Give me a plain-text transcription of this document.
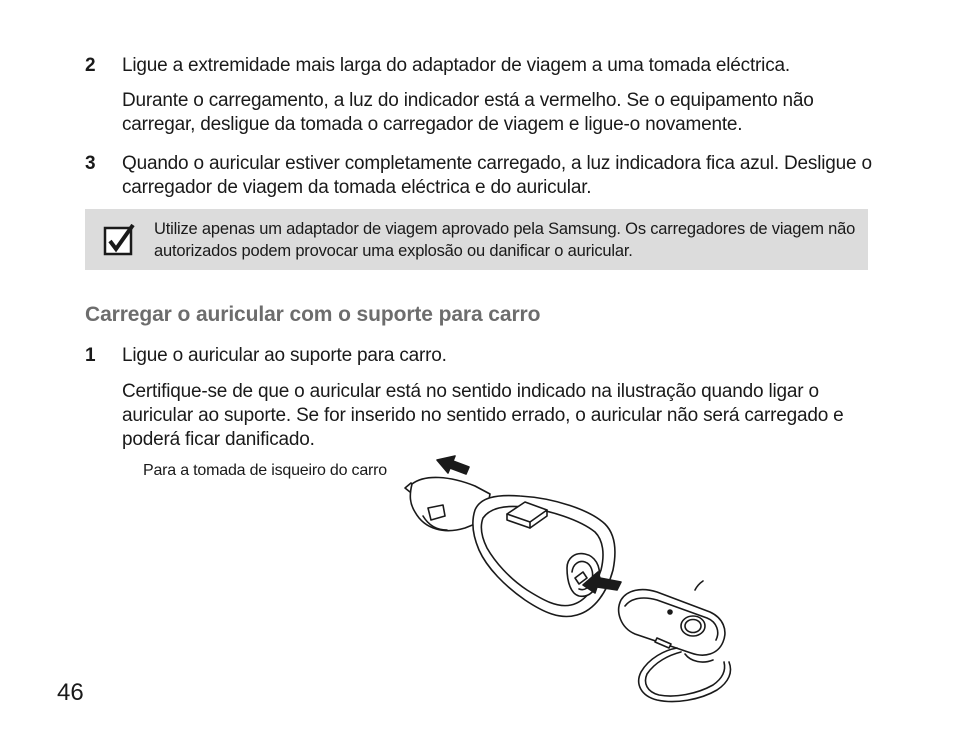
2 Ligue a extremidade mais larga do adaptador de viagem a uma tomada eléctrica.
Durante o carregamento, a luz do indicador está a vermelho. Se o equipamento não carregar, desligue da tomada o carregador de viagem e ligue-o novamente.
3 Quando o auricular estiver completamente carregado, a luz indicadora fica azul. Desligue o carregador de viagem da tomada eléctrica e do auricular.
Utilize apenas um adaptador de viagem aprovado pela Samsung. Os carregadores de viagem não autorizados podem provocar uma explosão ou danificar o auricular.
Carregar o auricular com o suporte para carro
1 Ligue o auricular ao suporte para carro.
Certifique-se de que o auricular está no sentido indicado na ilustração quando ligar o auricular ao suporte. Se for inserido no sentido errado, o auricular não será carregado e poderá ficar danificado.
Para a tomada de isqueiro do carro
46
